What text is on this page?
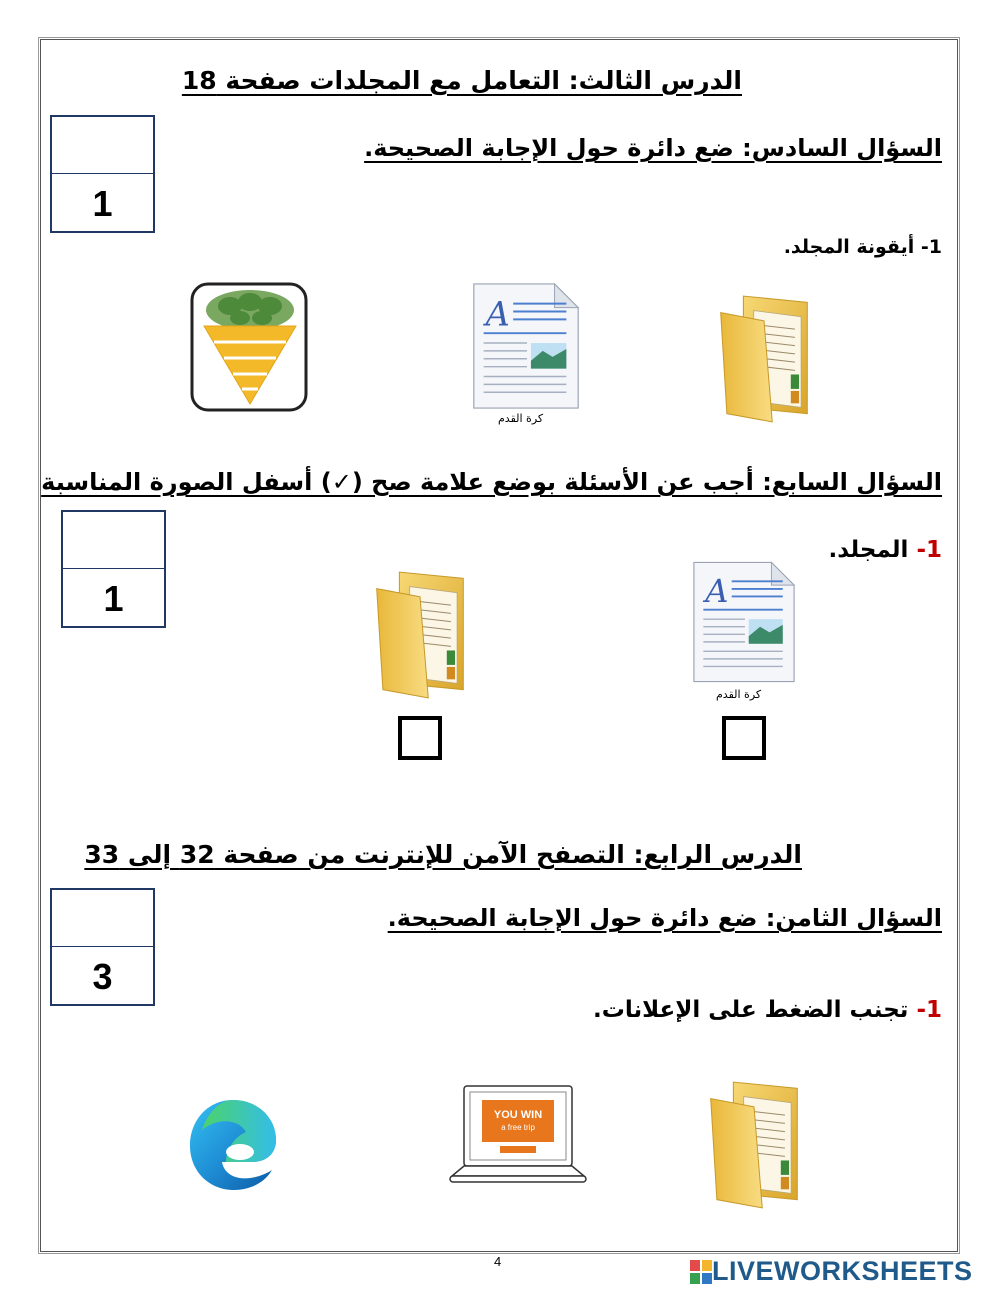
الدرس الثالث: التعامل مع المجلدات صفحة 18
1
السؤال السادس: ضع دائرة حول الإجابة الصحيحة.
1- أيقونة المجلد.
كرة القدم
السؤال السابع: أجب عن الأسئلة بوضع علامة صح (✓) أسفل الصورة المناسبة
1
1- المجلد.
كرة القدم
الدرس الرابع: التصفح الآمن للإنترنت من صفحة 32 إلى 33
3
السؤال الثامن: ضع دائرة حول الإجابة الصحيحة.
1- تجنب الضغط على الإعلانات.
YOU WIN
a free trip
4	LIVEWORKSHEETS
